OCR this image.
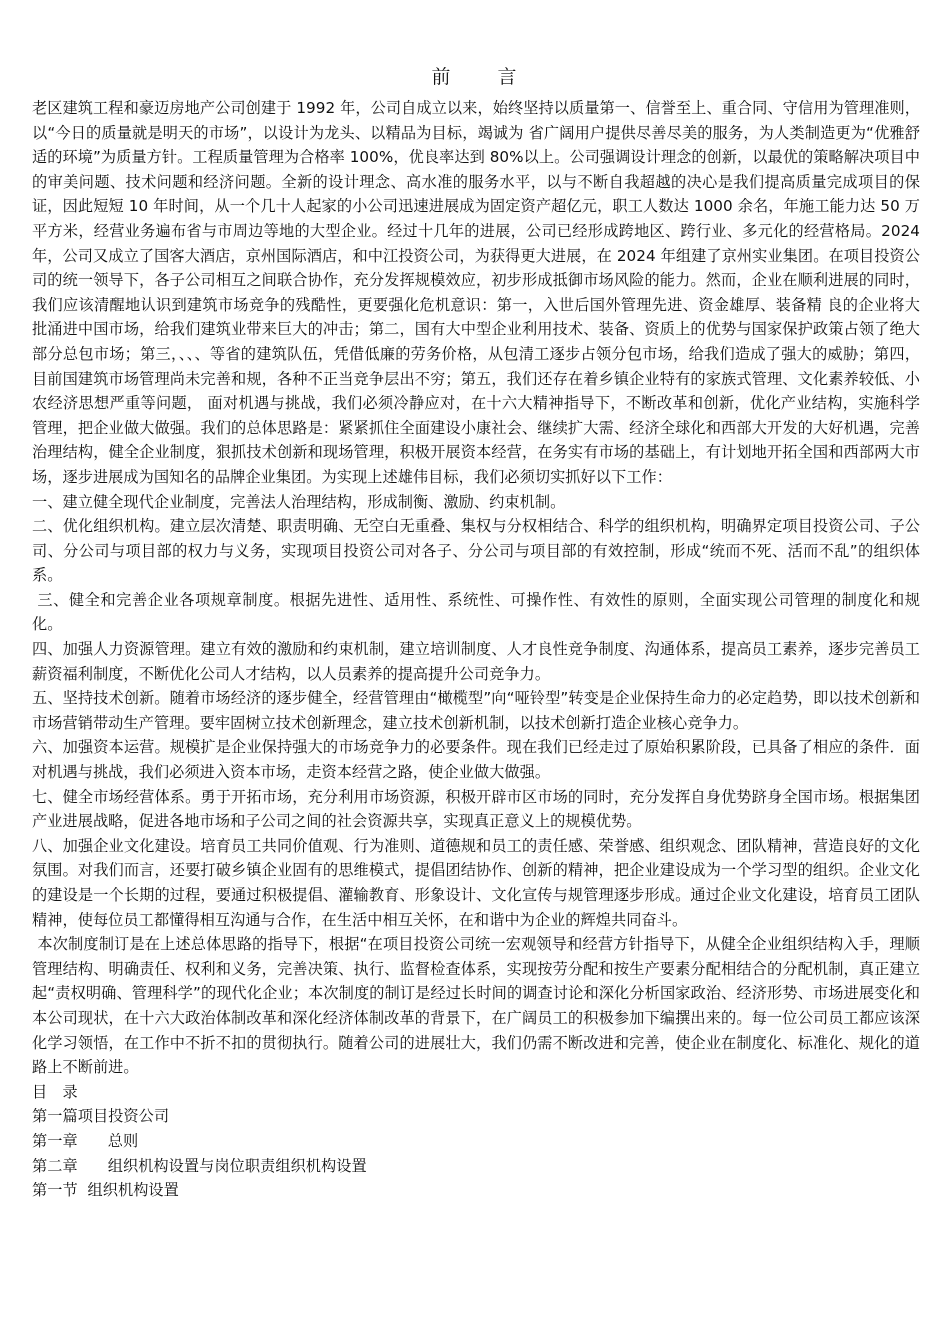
前　言

老区建筑工程和豪迈房地产公司创建于 1992 年，公司自成立以来，始终坚持以质量第一、信誉至上、重合同、守信用为管理准则，以“今日的质量就是明天的市场”，以设计为龙头、以精品为目标，竭诚为 省广阔用户提供尽善尽美的服务，为人类制造更为“优雅舒适的环境”为质量方针。工程质量管理为合格率 100%，优良率达到 80%以上。公司强调设计理念的创新，以最优的策略解决项目中的审美问题、技术问题和经济问题。全新的设计理念、高水准的服务水平，以与不断自我超越的决心是我们提高质量完成项目的保证，因此短短 10 年时间，从一个几十人起家的小公司迅速进展成为固定资产超亿元，职工人数达 1000 余名，年施工能力达 50 万平方米，经营业务遍布省与市周边等地的大型企业。经过十几年的进展，公司已经形成跨地区、跨行业、多元化的经营格局。2024 年，公司又成立了国客大酒店，京州国际酒店，和中江投资公司，为获得更大进展，在 2024 年组建了京州实业集团。在项目投资公司的统一领导下，各子公司相互之间联合协作，充分发挥规模效应，初步形成抵御市场风险的能力。然而，企业在顺利进展的同时，我们应该清醒地认识到建筑市场竞争的残酷性，更要强化危机意识：第一，入世后国外管理先进、资金雄厚、装备精 良的企业将大批涌进中国市场，给我们建筑业带来巨大的冲击；第二，国有大中型企业利用技术、装备、资质上的优势与国家保护政策占领了绝大部分总包市场；第三，、、、等省的建筑队伍，凭借低廉的劳务价格，从包清工逐步占领分包市场，给我们造成了强大的威胁；第四，目前国建筑市场管理尚未完善和规，各种不正当竞争层出不穷；第五，我们还存在着乡镇企业特有的家族式管理、文化素养较低、小农经济思想严重等问题， 面对机遇与挑战，我们必须冷静应对，在十六大精神指导下，不断改革和创新，优化产业结构，实施科学管理，把企业做大做强。我们的总体思路是：紧紧抓住全面建设小康社会、继续扩大需、经济全球化和西部大开发的大好机遇，完善治理结构，健全企业制度，狠抓技术创新和现场管理，积极开展资本经营，在务实有市场的基础上，有计划地开拓全国和西部两大市场，逐步进展成为国知名的品牌企业集团。为实现上述雄伟目标，我们必须切实抓好以下工作：

一、建立健全现代企业制度，完善法人治理结构，形成制衡、激励、约束机制。

二、优化组织机构。建立层次清楚、职责明确、无空白无重叠、集权与分权相结合、科学的组织机构，明确界定项目投资公司、子公司、分公司与项目部的权力与义务，实现项目投资公司对各子、分公司与项目部的有效控制，形成“统而不死、活而不乱”的组织体系。

三、健全和完善企业各项规章制度。根据先进性、适用性、系统性、可操作性、有效性的原则，全面实现公司管理的制度化和规化。

四、加强人力资源管理。建立有效的激励和约束机制，建立培训制度、人才良性竞争制度、沟通体系，提高员工素养，逐步完善员工薪资福利制度，不断优化公司人才结构，以人员素养的提高提升公司竞争力。

五、坚持技术创新。随着市场经济的逐步健全，经营管理由“橄榄型”向“哑铃型”转变是企业保持生命力的必定趋势，即以技术创新和市场营销带动生产管理。要牢固树立技术创新理念，建立技术创新机制，以技术创新打造企业核心竞争力。

六、加强资本运营。规模扩是企业保持强大的市场竞争力的必要条件。现在我们已经走过了原始积累阶段，已具备了相应的条件．面对机遇与挑战，我们必须进入资本市场，走资本经营之路，使企业做大做强。

七、健全市场经营体系。勇于开拓市场，充分利用市场资源，积极开辟市区市场的同时，充分发挥自身优势跻身全国市场。根据集团产业进展战略，促进各地市场和子公司之间的社会资源共享，实现真正意义上的规模优势。

八、加强企业文化建设。培育员工共同价值观、行为准则、道德规和员工的责任感、荣誉感、组织观念、团队精神，营造良好的文化氛围。对我们而言，还要打破乡镇企业固有的思维模式，提倡团结协作、创新的精神，把企业建设成为一个学习型的组织。企业文化的建设是一个长期的过程，要通过积极提倡、灌输教育、形象设计、文化宣传与规管理逐步形成。通过企业文化建设，培育员工团队精神，使每位员工都懂得相互沟通与合作，在生活中相互关怀，在和谐中为企业的辉煌共同奋斗。

本次制度制订是在上述总体思路的指导下，根据“在项目投资公司统一宏观领导和经营方针指导下，从健全企业组织结构入手，理顺管理结构、明确责任、权利和义务，完善决策、执行、监督检查体系，实现按劳分配和按生产要素分配相结合的分配机制，真正建立起“责权明确、管理科学”的现代化企业；本次制度的制订是经过长时间的调查讨论和深化分析国家政治、经济形势、市场进展变化和本公司现状，在十六大政治体制改革和深化经济体制改革的背景下，在广阔员工的积极参加下编撰出来的。每一位公司员工都应该深化学习领悟，在工作中不折不扣的贯彻执行。随着公司的进展壮大，我们仍需不断改进和完善，使企业在制度化、标准化、规化的道路上不断前进。

目　录

第一篇项目投资公司

第一章 总则

第二章 组织机构设置与岗位职责组织机构设置

第一节 组织机构设置
